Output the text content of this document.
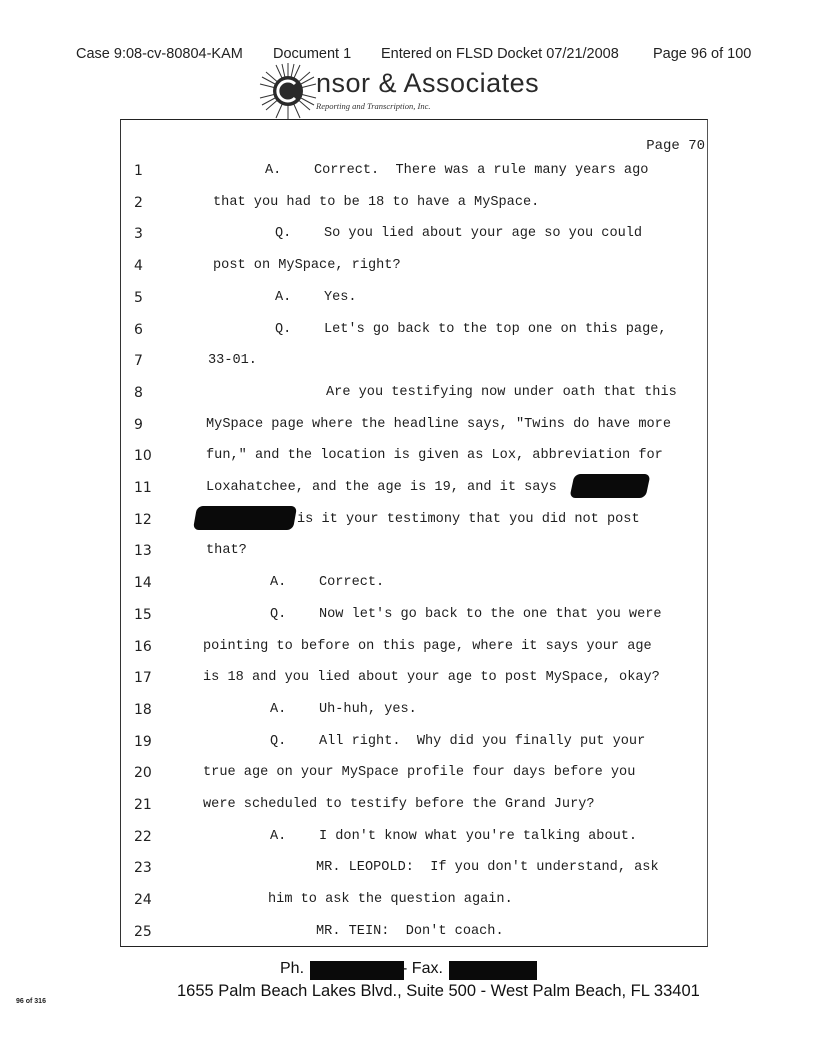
Case 9:08-cv-80804-KAM Document 1 Entered on FLSD Docket 07/21/2008 Page 96 of 100
nsor & Associates
Reporting and Transcription, Inc.
Page 70
1	A.    Correct.  There was a rule many years ago
2	that you had to be 18 to have a MySpace.
3	Q.    So you lied about your age so you could
4	post on MySpace, right?
5	A.    Yes.
6	Q.    Let's go back to the top one on this page,
7	33-01.
8	Are you testifying now under oath that this
9	MySpace page where the headline says, "Twins do have more
10	fun," and the location is given as Lox, abbreviation for
11	Loxahatchee, and the age is 19, and it says
12	is it your testimony that you did not post
13	that?
14	A.    Correct.
15	Q.    Now let's go back to the one that you were
16	pointing to before on this page, where it says your age
17	is 18 and you lied about your age to post MySpace, okay?
18	A.    Uh-huh, yes.
19	Q.    All right.  Why did you finally put your
20	true age on your MySpace profile four days before you
21	were scheduled to testify before the Grand Jury?
22	A.    I don't know what you're talking about.
23	MR. LEOPOLD:  If you don't understand, ask
24	him to ask the question again.
25	MR. TEIN:  Don't coach.
Ph.	- Fax.
1655 Palm Beach Lakes Blvd., Suite 500 - West Palm Beach, FL 33401
96 of 316
